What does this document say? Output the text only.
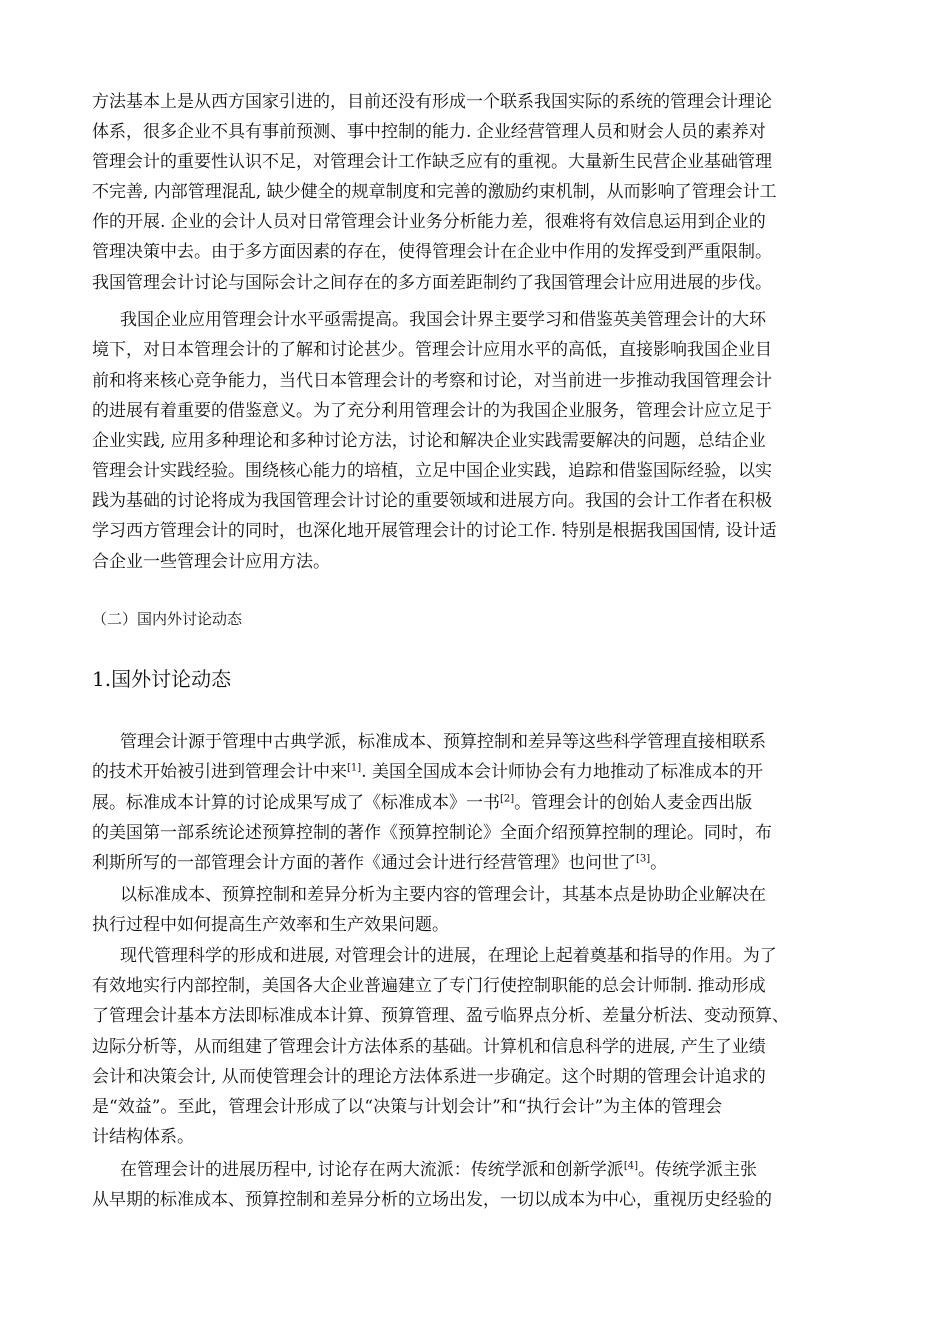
方法基本上是从西方国家引进的，目前还没有形成一个联系我国实际的系统的管理会计理论
体系，很多企业不具有事前预测、事中控制的能力. 企业经营管理人员和财会人员的素养对
管理会计的重要性认识不足，对管理会计工作缺乏应有的重视。大量新生民营企业基础管理
不完善, 内部管理混乱, 缺少健全的规章制度和完善的激励约束机制，从而影响了管理会计工
作的开展. 企业的会计人员对日常管理会计业务分析能力差，很难将有效信息运用到企业的
管理决策中去。由于多方面因素的存在，使得管理会计在企业中作用的发挥受到严重限制。
我国管理会计讨论与国际会计之间存在的多方面差距制约了我国管理会计应用进展的步伐。
我国企业应用管理会计水平亟需提高。我国会计界主要学习和借鉴英美管理会计的大环
境下，对日本管理会计的了解和讨论甚少。管理会计应用水平的高低，直接影响我国企业目
前和将来核心竞争能力，当代日本管理会计的考察和讨论，对当前进一步推动我国管理会计
的进展有着重要的借鉴意义。为了充分利用管理会计的为我国企业服务，管理会计应立足于
企业实践, 应用多种理论和多种讨论方法，讨论和解决企业实践需要解决的问题，总结企业
管理会计实践经验。围绕核心能力的培植，立足中国企业实践，追踪和借鉴国际经验，以实
践为基础的讨论将成为我国管理会计讨论的重要领域和进展方向。我国的会计工作者在积极
学习西方管理会计的同时，也深化地开展管理会计的讨论工作. 特别是根据我国国情, 设计适
合企业一些管理会计应用方法。
（二）国内外讨论动态
1.国外讨论动态
管理会计源于管理中古典学派，标准成本、预算控制和差异等这些科学管理直接相联系
的技术开始被引进到管理会计中来[1]. 美国全国成本会计师协会有力地推动了标准成本的开
展。标准成本计算的讨论成果写成了《标准成本》一书[2]。管理会计的创始人麦金西出版
的美国第一部系统论述预算控制的著作《预算控制论》全面介绍预算控制的理论。同时，布
利斯所写的一部管理会计方面的著作《通过会计进行经营管理》也问世了[3]。
以标准成本、预算控制和差异分析为主要内容的管理会计，其基本点是协助企业解决在
执行过程中如何提高生产效率和生产效果问题。
现代管理科学的形成和进展, 对管理会计的进展，在理论上起着奠基和指导的作用。为了
有效地实行内部控制，美国各大企业普遍建立了专门行使控制职能的总会计师制. 推动形成
了管理会计基本方法即标准成本计算、预算管理、盈亏临界点分析、差量分析法、变动预算、
边际分析等，从而组建了管理会计方法体系的基础。计算机和信息科学的进展, 产生了业绩
会计和决策会计, 从而使管理会计的理论方法体系进一步确定。这个时期的管理会计追求的
是“效益”。至此，管理会计形成了以“决策与计划会计”和“执行会计”为主体的管理会
计结构体系。
在管理会计的进展历程中, 讨论存在两大流派：传统学派和创新学派[4]。传统学派主张
从早期的标准成本、预算控制和差异分析的立场出发，一切以成本为中心，重视历史经验的
